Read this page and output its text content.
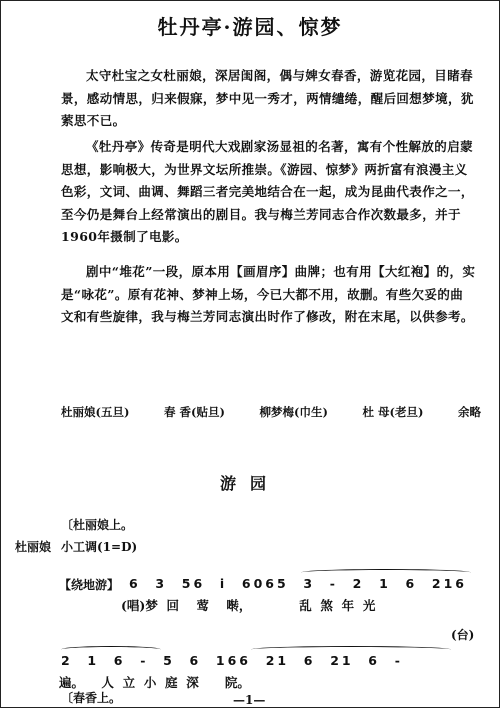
牡丹亭·游园、惊梦
太守杜宝之女杜丽娘，深居闺阁，偶与婢女春香，游览花园，目睹春景，感动情思，归来假寐，梦中见一秀才，两情缱绻，醒后回想梦境，犹萦思不已。
《牡丹亭》传奇是明代大戏剧家汤显祖的名著，寓有个性解放的启蒙思想，影响极大，为世界文坛所推崇。《游园、惊梦》两折富有浪漫主义色彩，文词、曲调、舞蹈三者完美地结合在一起，成为昆曲代表作之一，至今仍是舞台上经常演出的剧目。我与梅兰芳同志合作次数最多，并于1960年摄制了电影。
剧中“堆花”一段，原本用【画眉序】曲牌；也有用【大红袍】的，实是“咏花”。原有花神、梦神上场，今已大都不用，故删。有些欠妥的曲文和有些旋律，我与梅兰芳同志演出时作了修改，附在末尾，以供参考。
杜丽娘(五旦)	春 香(贴旦)	柳梦梅(巾生)	杜 母(老旦)	余略
游园
〔杜丽娘上。
杜丽娘 小工调(1=D)
【绕地游】 6  3  56  i  6065  3  -  2  1  6  216
(唱)梦  回    莺    啭，           乱  煞  年  光
(台)
2  1  6  -  5  6  166  21  6  21  6  -
遍。    人  立  小  庭  深      院。
〔春香上。	—1—
